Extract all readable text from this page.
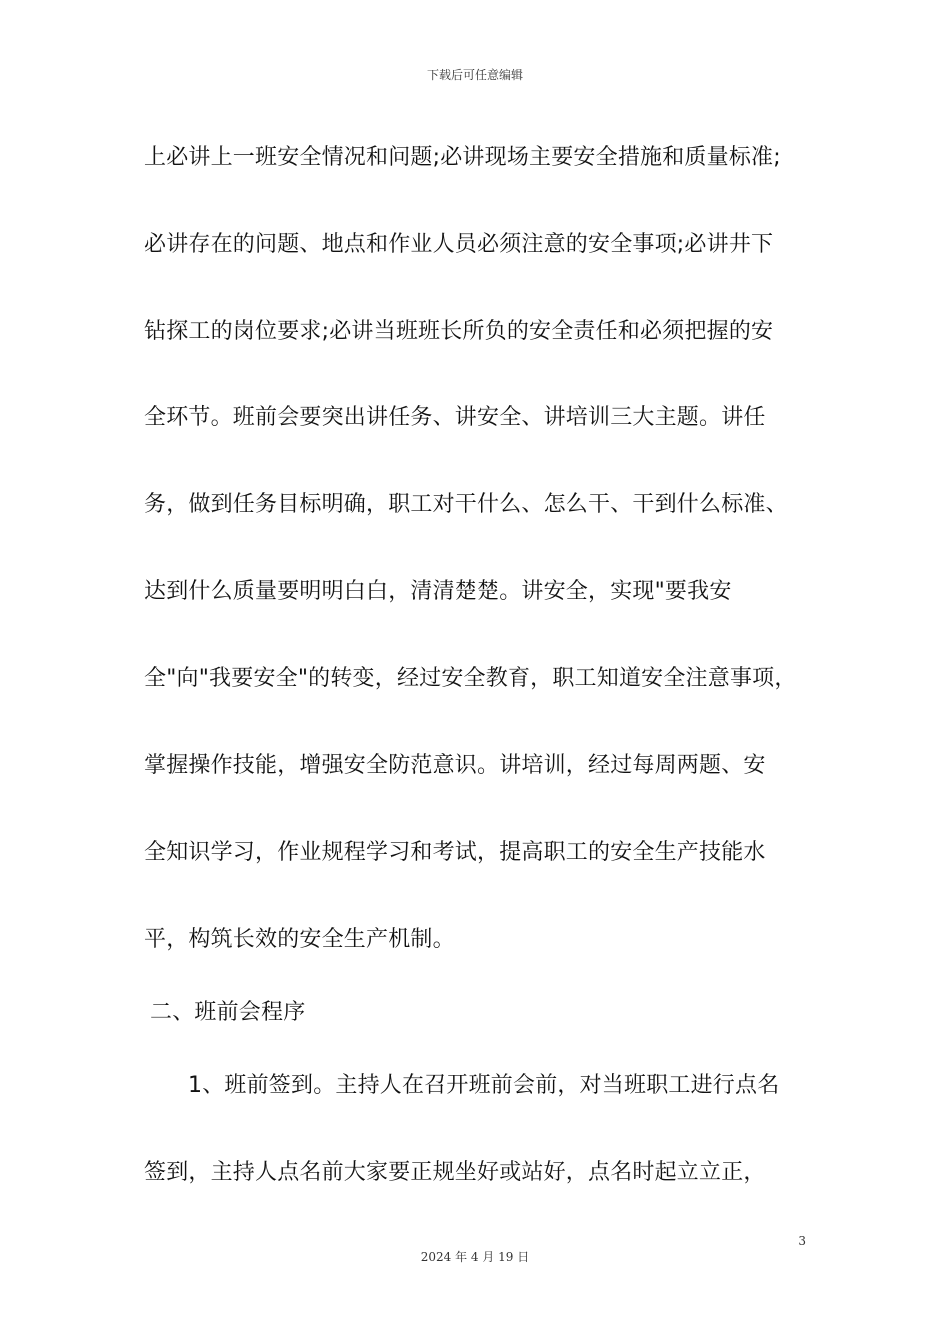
下载后可任意编辑
上必讲上一班安全情况和问题;必讲现场主要安全措施和质量标准;
必讲存在的问题、地点和作业人员必须注意的安全事项;必讲井下
钻探工的岗位要求;必讲当班班长所负的安全责任和必须把握的安
全环节。班前会要突出讲任务、讲安全、讲培训三大主题。讲任
务，做到任务目标明确，职工对干什么、怎么干、干到什么标准、
达到什么质量要明明白白，清清楚楚。讲安全，实现"要我安
全"向"我要安全"的转变，经过安全教育，职工知道安全注意事项，
掌握操作技能，增强安全防范意识。讲培训，经过每周两题、安
全知识学习，作业规程学习和考试，提高职工的安全生产技能水
平，构筑长效的安全生产机制。
二、班前会程序
1、班前签到。主持人在召开班前会前，对当班职工进行点名
签到，主持人点名前大家要正规坐好或站好，点名时起立立正，
3
2024 年 4 月 19 日
